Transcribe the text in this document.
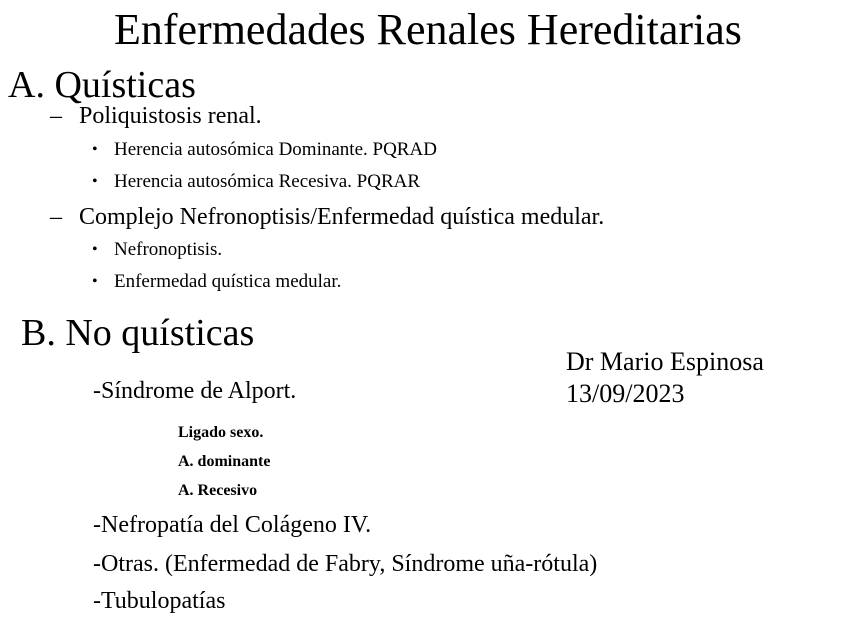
Enfermedades Renales Hereditarias
A. Quísticas
– Poliquistosis renal.
• Herencia autosómica Dominante. PQRAD
• Herencia autosómica Recesiva. PQRAR
– Complejo Nefronoptisis/Enfermedad quística medular.
• Nefronoptisis.
• Enfermedad quística medular.
B. No quísticas
-Síndrome de Alport.
Ligado sexo.
A. dominante
A. Recesivo
-Nefropatía del Colágeno IV.
-Otras. (Enfermedad de Fabry, Síndrome uña-rótula)
-Tubulopatías
Dr Mario Espinosa
13/09/2023
